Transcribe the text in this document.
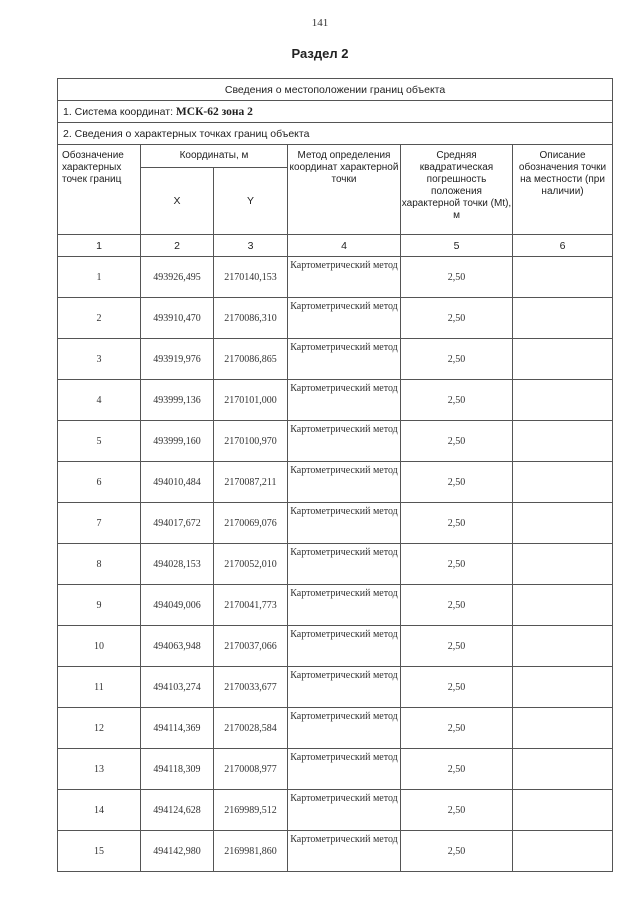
141
Раздел 2
Сведения о местоположении границ объекта					
1. Система координат: МСК-62 зона 2					
2. Сведения о характерных точках границ объекта					
Обозначение характерных точек границ	Координаты, м		Метод определения координат характерной точки	Средняя квадратическая погрешность положения характерной точки (Mt), м	Описание обозначения точки на местности (при наличии)
	X	Y			
1	2	3	4	5	6
1	493926,495	2170140,153	Картометрический метод	2,50	
2	493910,470	2170086,310	Картометрический метод	2,50	
3	493919,976	2170086,865	Картометрический метод	2,50	
4	493999,136	2170101,000	Картометрический метод	2,50	
5	493999,160	2170100,970	Картометрический метод	2,50	
6	494010,484	2170087,211	Картометрический метод	2,50	
7	494017,672	2170069,076	Картометрический метод	2,50	
8	494028,153	2170052,010	Картометрический метод	2,50	
9	494049,006	2170041,773	Картометрический метод	2,50	
10	494063,948	2170037,066	Картометрический метод	2,50	
11	494103,274	2170033,677	Картометрический метод	2,50	
12	494114,369	2170028,584	Картометрический метод	2,50	
13	494118,309	2170008,977	Картометрический метод	2,50	
14	494124,628	2169989,512	Картометрический метод	2,50	
15	494142,980	2169981,860	Картометрический метод	2,50	
